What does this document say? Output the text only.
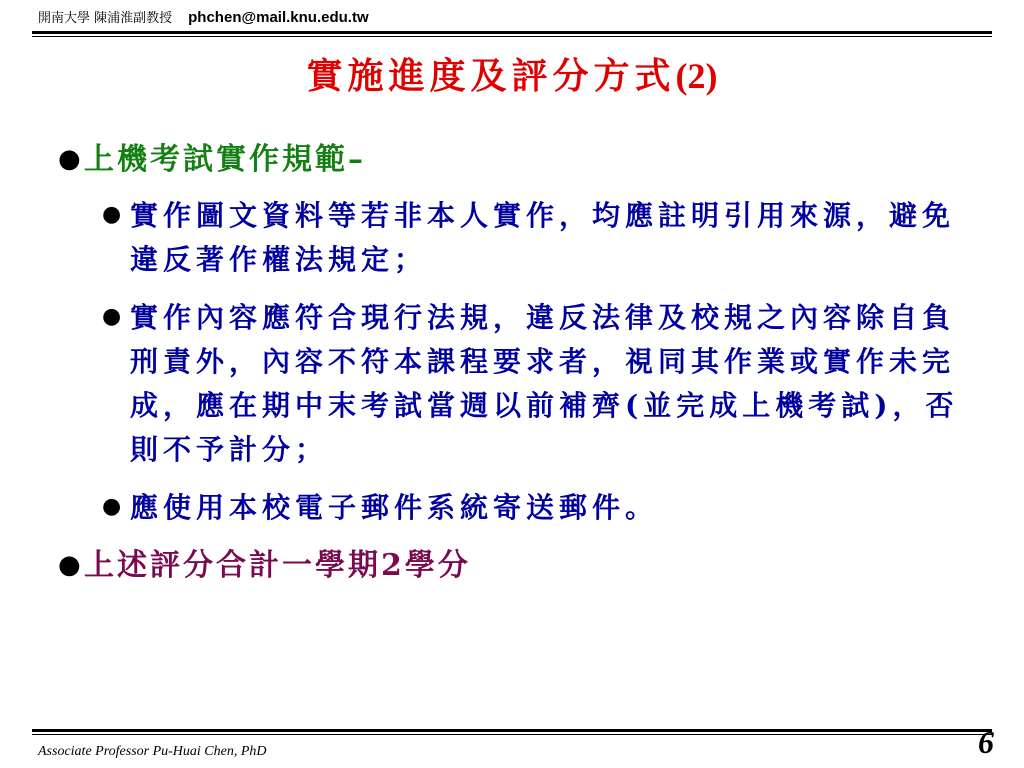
開南大學 陳浦淮副教授 phchen@mail.knu.edu.tw
實施進度及評分方式(2)
● 上機考試實作規範–
● 實作圖文資料等若非本人實作，均應註明引用來源，避免違反著作權法規定；
● 實作內容應符合現行法規，違反法律及校規之內容除自負刑責外，內容不符本課程要求者，視同其作業或實作未完成，應在期中末考試當週以前補齊(並完成上機考試)，否則不予計分；
● 應使用本校電子郵件系統寄送郵件。
● 上述評分合計一學期2學分
Associate Professor Pu-Huai Chen, PhD	6
